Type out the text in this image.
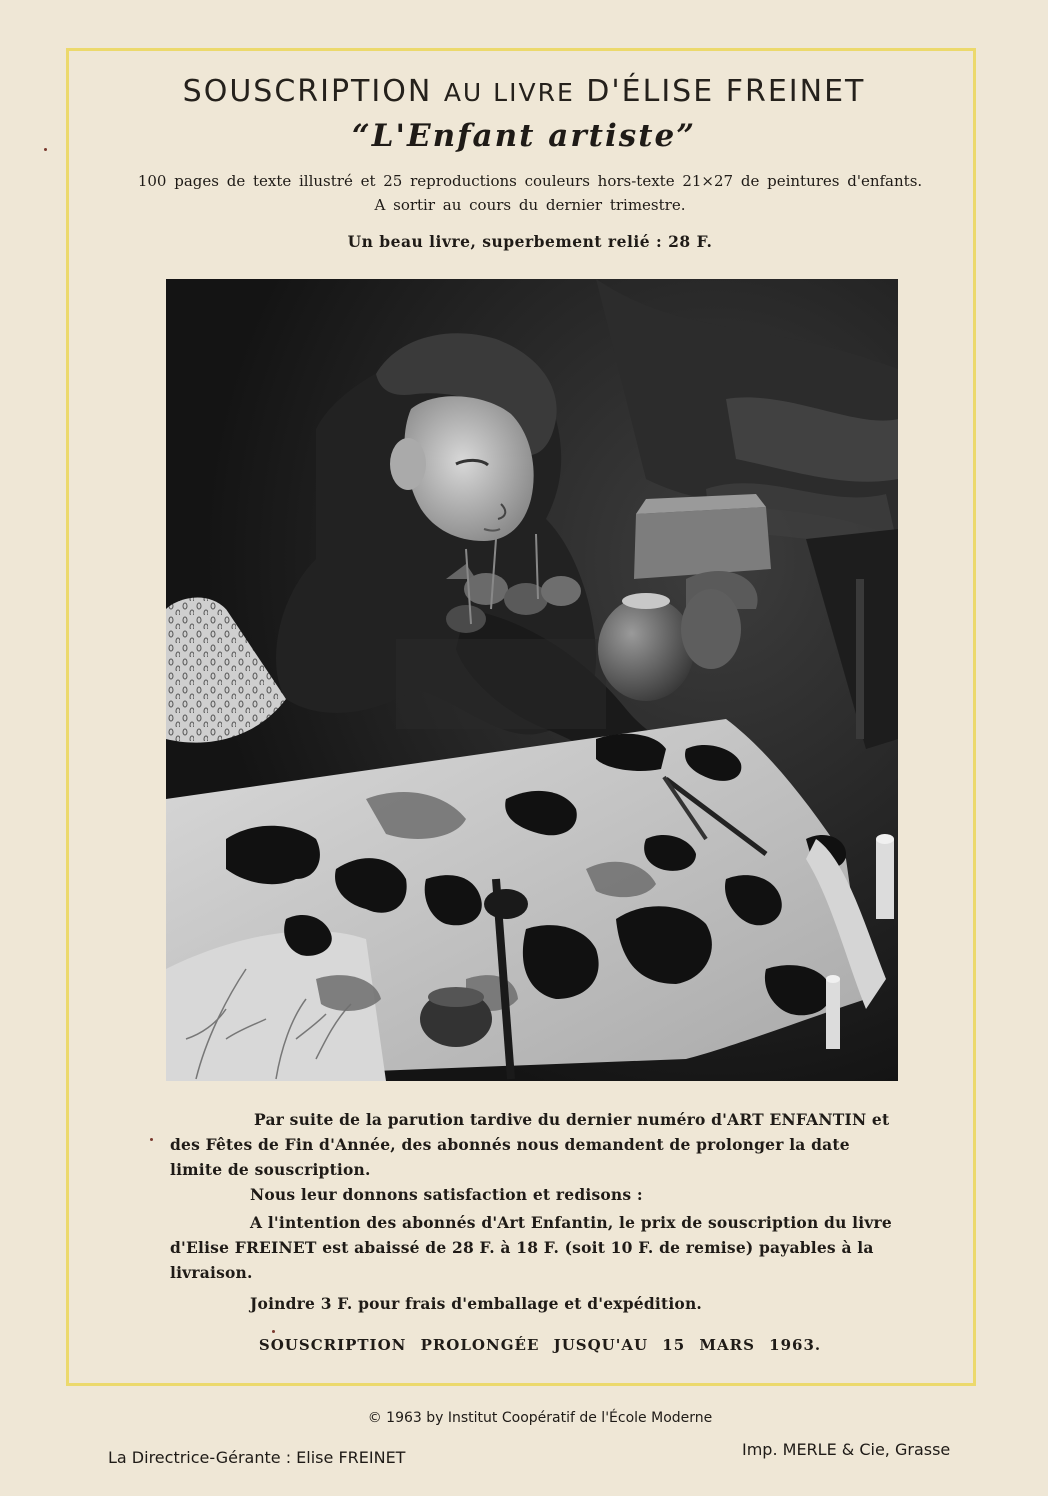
SOUSCRIPTION AU LIVRE D'ÉLISE FREINET
“L'Enfant artiste”
100 pages de texte illustré et 25 reproductions couleurs hors-texte 21×27 de peintures d'enfants.
A sortir au cours du dernier trimestre.
Un beau livre, superbement relié : 28 F.
Par suite de la parution tardive du dernier numéro d'ART ENFANTIN et des Fêtes de Fin d'Année, des abonnés nous demandent de prolonger la date limite de souscription.
Nous leur donnons satisfaction et redisons :
A l'intention des abonnés d'Art Enfantin, le prix de souscription du livre d'Elise FREINET est abaissé de 28 F. à 18 F. (soit 10 F. de remise) payables à la livraison.
Joindre 3 F. pour frais d'emballage et d'expédition.
SOUSCRIPTION PROLONGÉE JUSQU'AU 15 MARS 1963.
© 1963 by Institut Coopératif de l'École Moderne
La Directrice-Gérante : Elise FREINET	Imp. MERLE & Cie, Grasse
